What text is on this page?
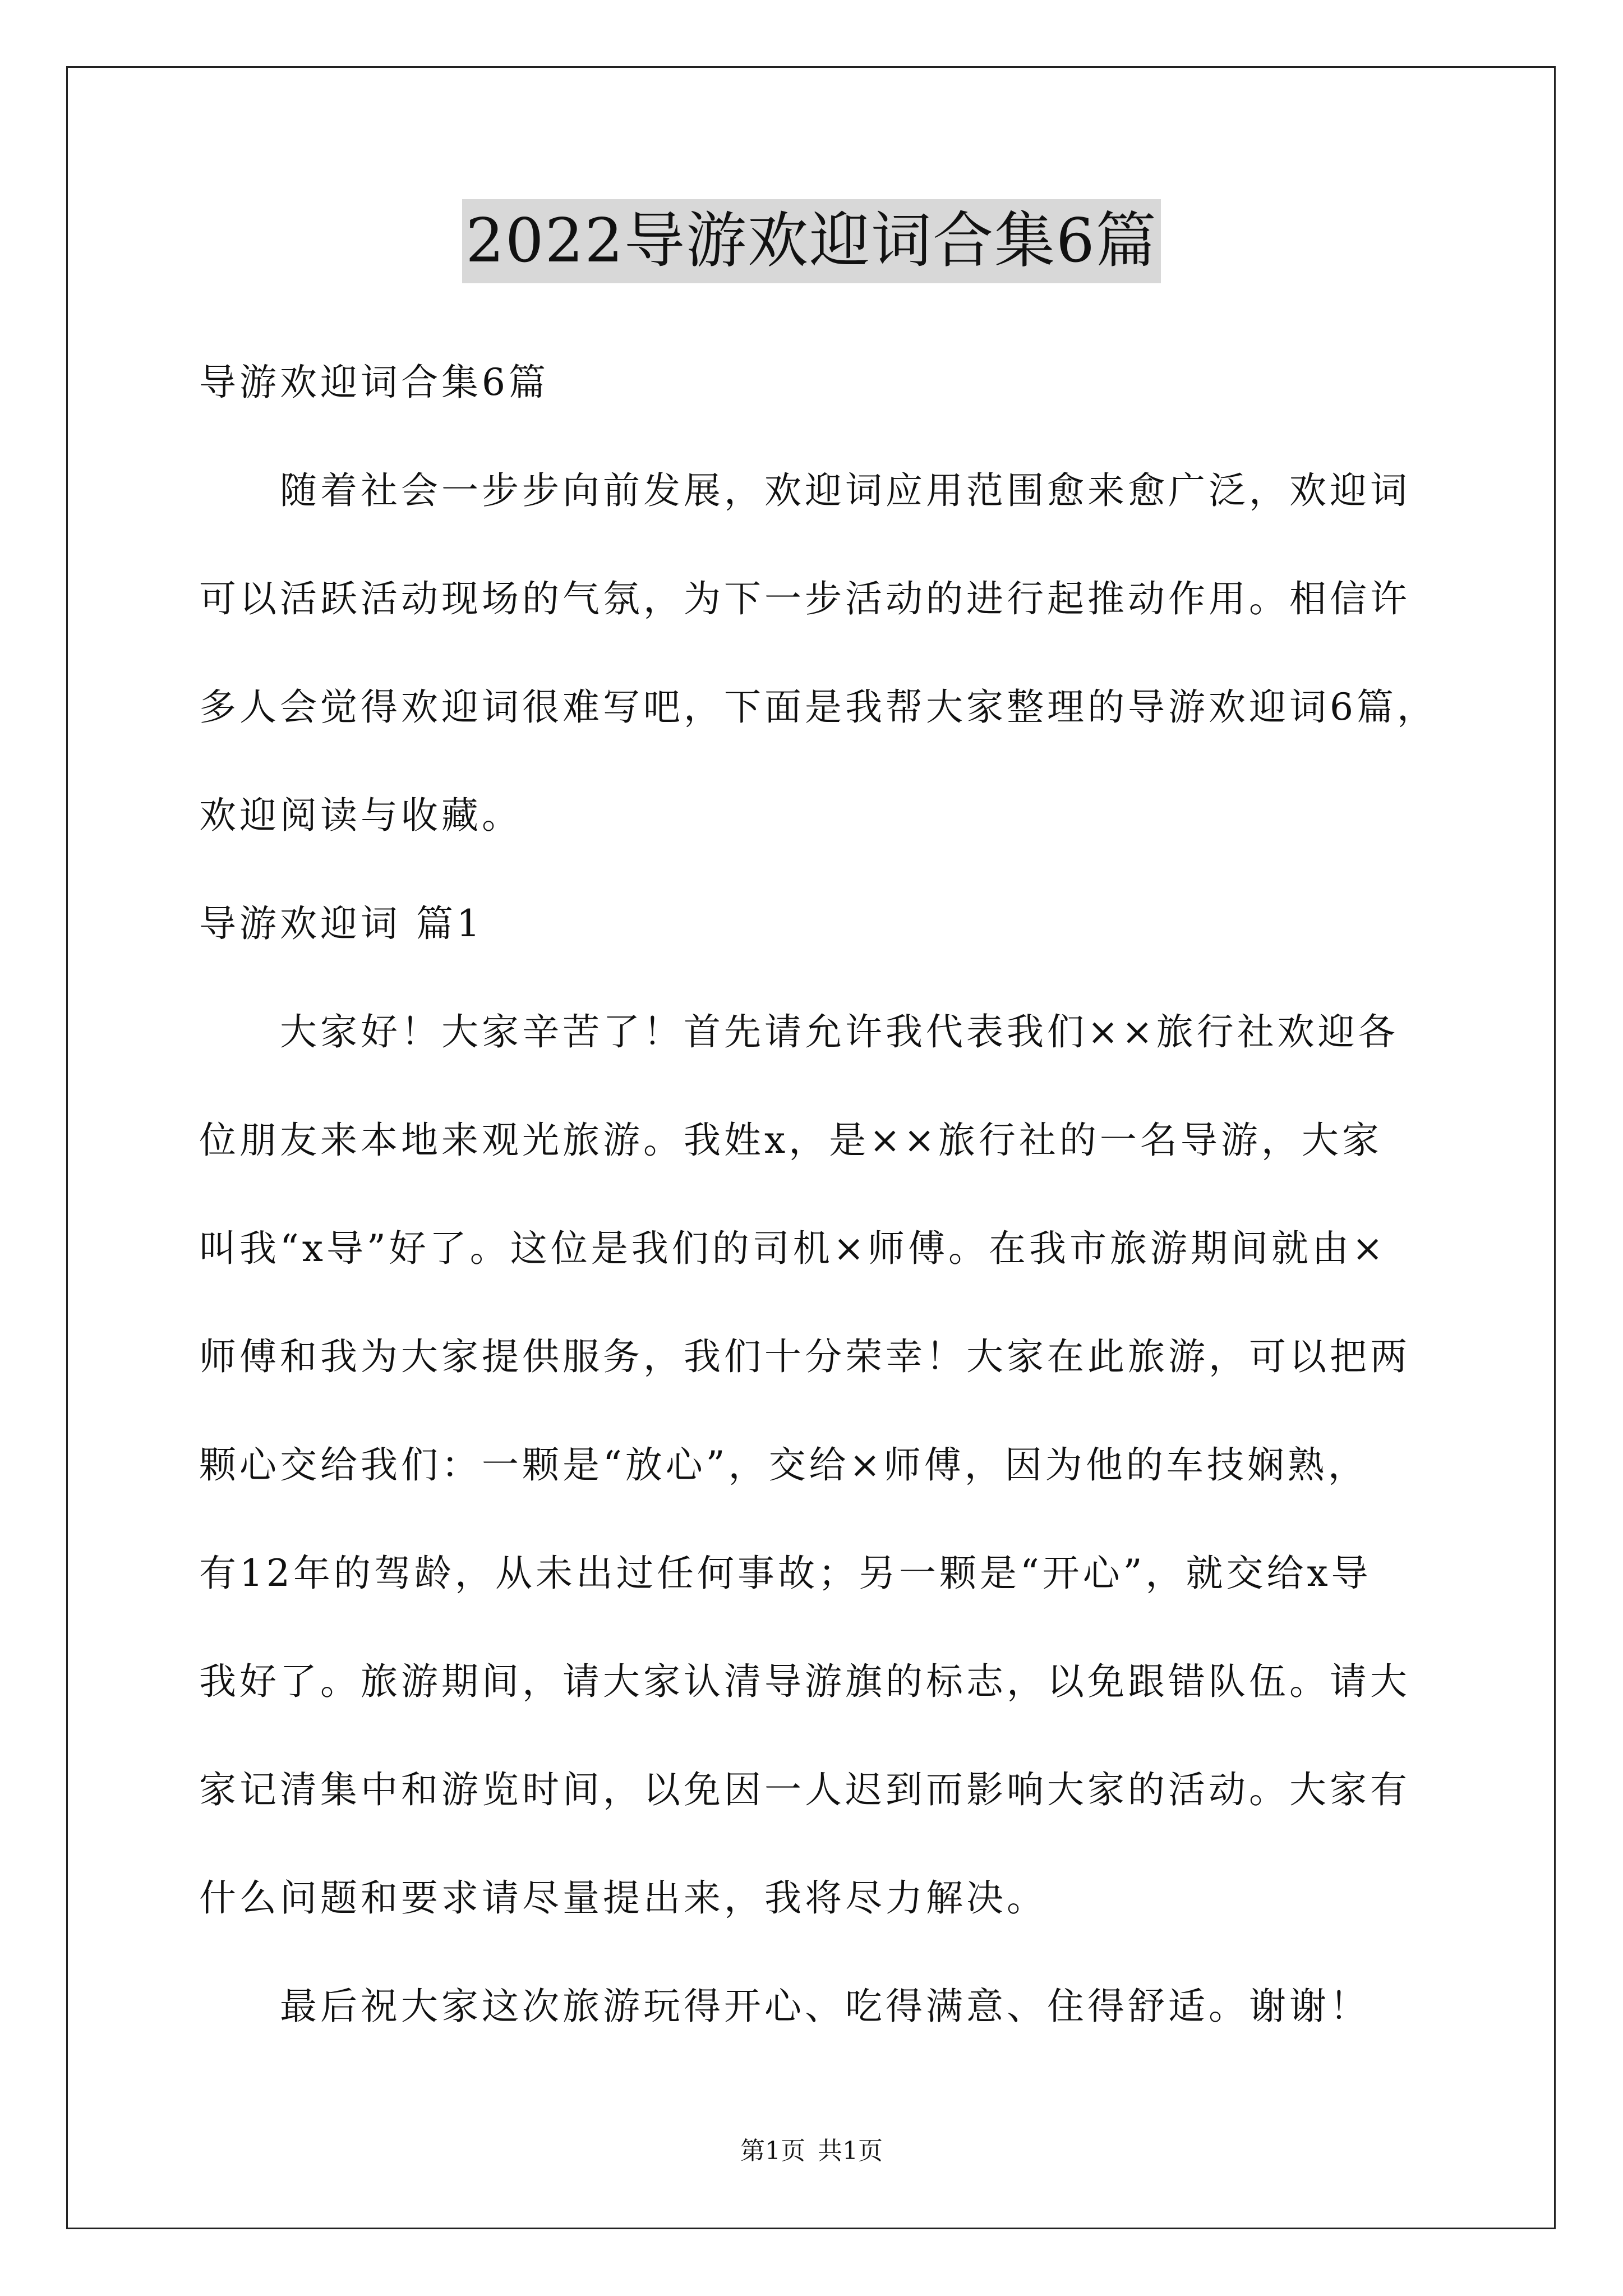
2022导游欢迎词合集6篇
导游欢迎词合集6篇
随着社会一步步向前发展，欢迎词应用范围愈来愈广泛，欢迎词
可以活跃活动现场的气氛，为下一步活动的进行起推动作用。相信许
多人会觉得欢迎词很难写吧，下面是我帮大家整理的导游欢迎词6篇，
欢迎阅读与收藏。
导游欢迎词 篇1
大家好！大家辛苦了！首先请允许我代表我们××旅行社欢迎各
位朋友来本地来观光旅游。我姓x，是××旅行社的一名导游，大家
叫我“x导”好了。这位是我们的司机×师傅。在我市旅游期间就由×
师傅和我为大家提供服务，我们十分荣幸！大家在此旅游，可以把两
颗心交给我们：一颗是“放心”，交给×师傅，因为他的车技娴熟，
有12年的驾龄，从未出过任何事故；另一颗是“开心”，就交给x导
我好了。旅游期间，请大家认清导游旗的标志，以免跟错队伍。请大
家记清集中和游览时间，以免因一人迟到而影响大家的活动。大家有
什么问题和要求请尽量提出来，我将尽力解决。
最后祝大家这次旅游玩得开心、吃得满意、住得舒适。谢谢！
第1页 共1页
